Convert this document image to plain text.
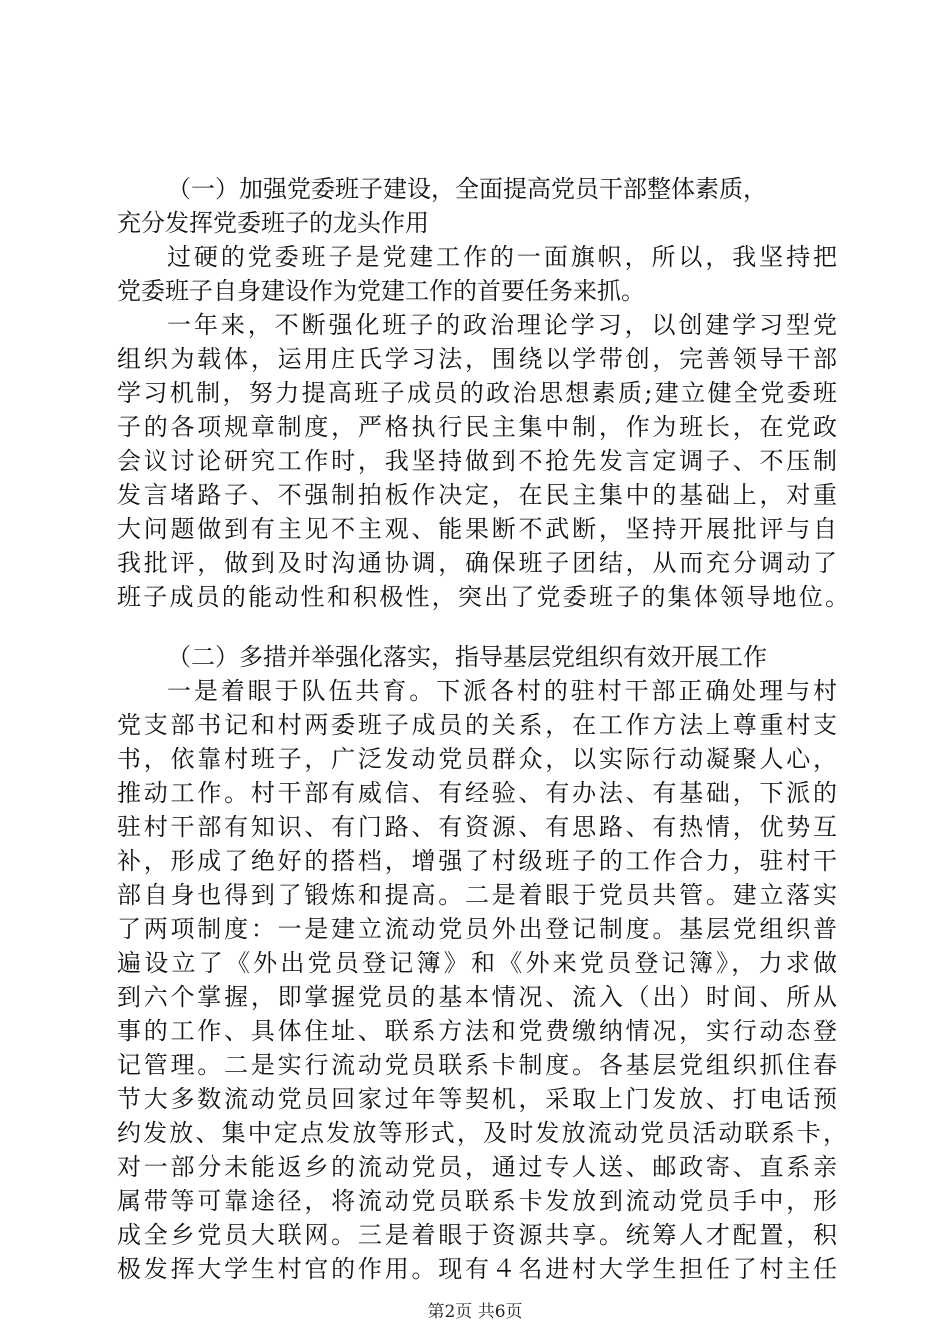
（一）加强党委班子建设，全面提高党员干部整体素质，
充分发挥党委班子的龙头作用
过硬的党委班子是党建工作的一面旗帜，所以，我坚持把
党委班子自身建设作为党建工作的首要任务来抓。
一年来，不断强化班子的政治理论学习，以创建学习型党
组织为载体，运用庄氏学习法，围绕以学带创，完善领导干部
学习机制，努力提高班子成员的政治思想素质;建立健全党委班
子的各项规章制度，严格执行民主集中制，作为班长，在党政
会议讨论研究工作时，我坚持做到不抢先发言定调子、不压制
发言堵路子、不强制拍板作决定，在民主集中的基础上，对重
大问题做到有主见不主观、能果断不武断，坚持开展批评与自
我批评，做到及时沟通协调，确保班子团结，从而充分调动了
班子成员的能动性和积极性，突出了党委班子的集体领导地位。
（二）多措并举强化落实，指导基层党组织有效开展工作
一是着眼于队伍共育。下派各村的驻村干部正确处理与村
党支部书记和村两委班子成员的关系，在工作方法上尊重村支
书，依靠村班子，广泛发动党员群众，以实际行动凝聚人心，
推动工作。村干部有威信、有经验、有办法、有基础，下派的
驻村干部有知识、有门路、有资源、有思路、有热情，优势互
补，形成了绝好的搭档，增强了村级班子的工作合力，驻村干
部自身也得到了锻炼和提高。二是着眼于党员共管。建立落实
了两项制度：一是建立流动党员外出登记制度。基层党组织普
遍设立了《外出党员登记簿》和《外来党员登记簿》，力求做
到六个掌握，即掌握党员的基本情况、流入（出）时间、所从
事的工作、具体住址、联系方法和党费缴纳情况，实行动态登
记管理。二是实行流动党员联系卡制度。各基层党组织抓住春
节大多数流动党员回家过年等契机，采取上门发放、打电话预
约发放、集中定点发放等形式，及时发放流动党员活动联系卡，
对一部分未能返乡的流动党员，通过专人送、邮政寄、直系亲
属带等可靠途径，将流动党员联系卡发放到流动党员手中，形
成全乡党员大联网。三是着眼于资源共享。统筹人才配置，积
极发挥大学生村官的作用。现有４名进村大学生担任了村主任
第2页 共6页
